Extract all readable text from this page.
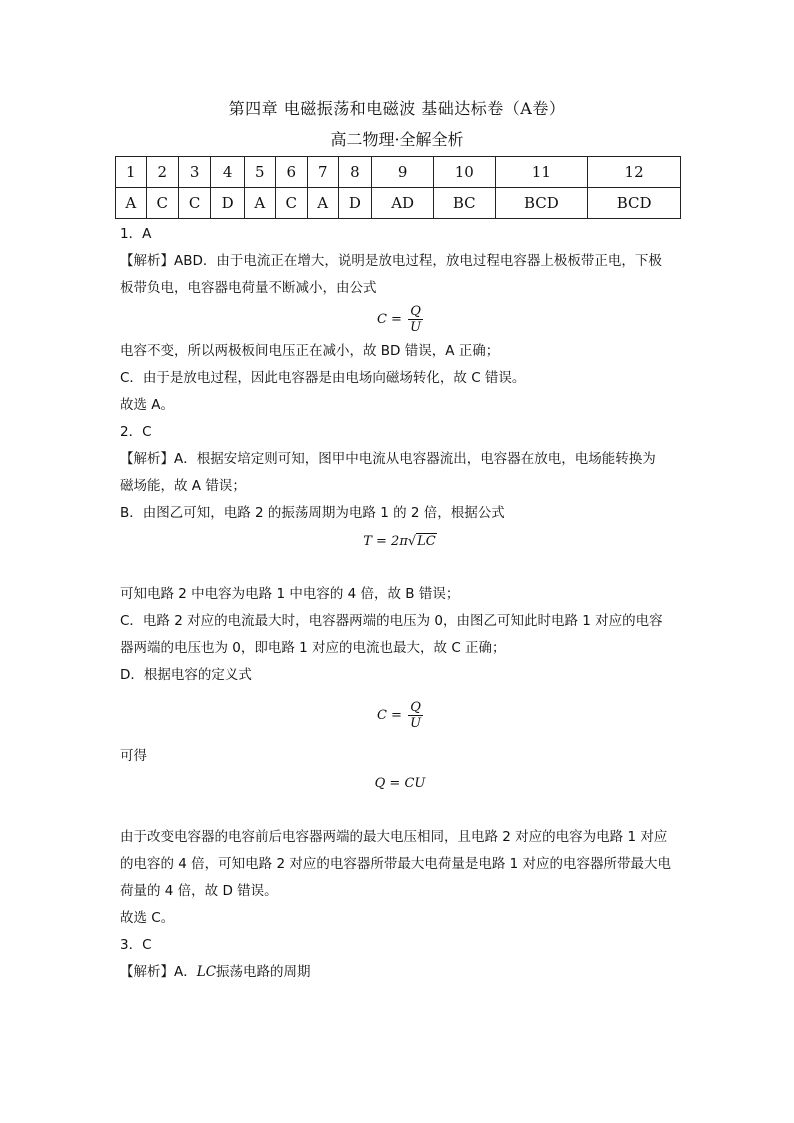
第四章 电磁振荡和电磁波 基础达标卷（A卷）
高二物理·全解全析
1	2	3	4	5	6	7	8	9	10	11	12
A	C	C	D	A	C	A	D	AD	BC	BCD	BCD
1．A
【解析】ABD．由于电流正在增大，说明是放电过程，放电过程电容器上极板带正电，下极
板带负电，电容器电荷量不断减小，由公式
$C = \frac{Q}{U}$
电容不变，所以两极板间电压正在减小，故 BD 错误，A 正确；
C．由于是放电过程，因此电容器是由电场向磁场转化，故 C 错误。
故选 A。
2．C
【解析】A．根据安培定则可知，图甲中电流从电容器流出，电容器在放电，电场能转换为
磁场能，故 A 错误；
B．由图乙可知，电路 2 的振荡周期为电路 1 的 2 倍，根据公式
T = 2π√LC
可知电路 2 中电容为电路 1 中电容的 4 倍，故 B 错误；
C．电路 2 对应的电流最大时，电容器两端的电压为 0，由图乙可知此时电路 1 对应的电容
器两端的电压也为 0，即电路 1 对应的电流也最大，故 C 正确；
D．根据电容的定义式
$C = \frac{Q}{U}$
可得
Q = CU
由于改变电容器的电容前后电容器两端的最大电压相同，且电路 2 对应的电容为电路 1 对应
的电容的 4 倍，可知电路 2 对应的电容器所带最大电荷量是电路 1 对应的电容器所带最大电
荷量的 4 倍，故 D 错误。
故选 C。
3．C
【解析】A．LC振荡电路的周期
